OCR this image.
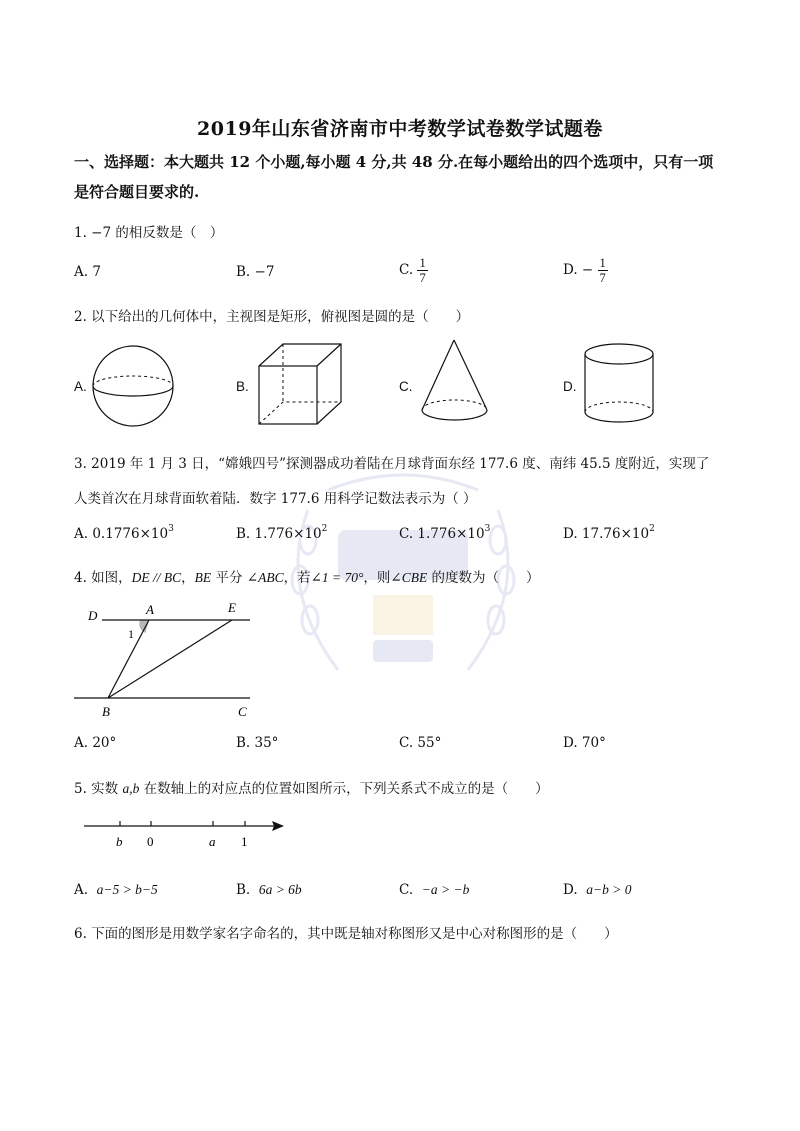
2019年山东省济南市中考数学试卷数学试题卷
一、选择题：本大题共 12 个小题,每小题 4 分,共 48 分.在每小题给出的四个选项中，只有一项
是符合题目要求的.
1. −7 的相反数是（　）
A. 7	B. −7	C. $\frac{1}{7}$	D. − $\frac{1}{7}$
2. 以下给出的几何体中，主视图是矩形，俯视图是圆的是（　　）
A.	B.	C.	D.
3. 2019 年 1 月 3 日，“嫦娥四号”探测器成功着陆在月球背面东经 177.6 度、南纬 45.5 度附近，实现了
人类首次在月球背面软着陆．数字 177.6 用科学记数法表示为（ ）
A. $0.1776\times 10^3$	B. $1.776\times 10^2$	C. $1.776\times 10^3$	D. $17.76\times 10^2$
4. 如图，DE // BC，BE 平分 ∠ABC，若∠1 = 70°，则∠CBE 的度数为（　　）
D	A	E
1
B	C
A. 20°	B. 35°	C. 55°	D. 70°
5. 实数 a,b 在数轴上的对应点的位置如图所示，下列关系式不成立的是（　　）
b 0	a 1
A. a−5 > b−5	B. 6a > 6b	C. −a > −b	D. a−b > 0
6. 下面的图形是用数学家名字命名的，其中既是轴对称图形又是中心对称图形的是（　　）
